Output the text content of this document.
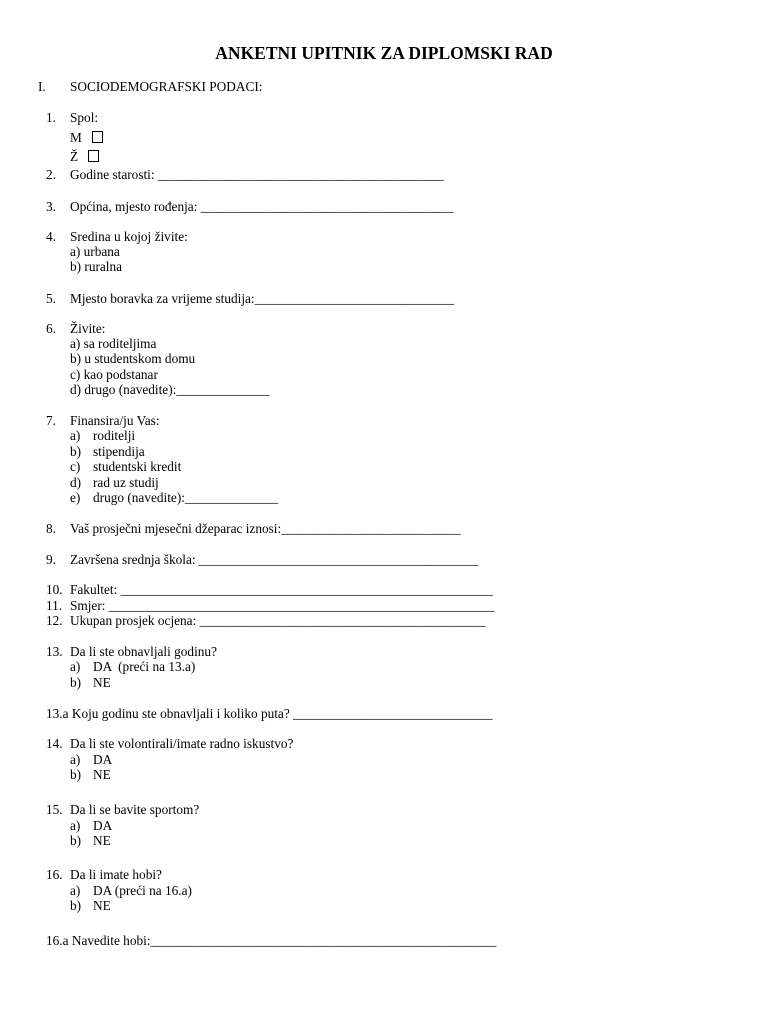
ANKETNI UPITNIK ZA DIPLOMSKI RAD
I. SOCIODEMOGRAFSKI PODACI:
1. Spol:
M
Ž
2. Godine starosti: ___________________________________________
3. Općina, mjesto rođenja: ______________________________________
4. Sredina u kojoj živite:
a) urbana
b) ruralna
5. Mjesto boravka za vrijeme studija:______________________________
6. Živite:
a) sa roditeljima
b) u studentskom domu
c) kao podstanar
d) drugo (navedite):______________
7. Finansira/ju Vas:
a) roditelji
b) stipendija
c) studentski kredit
d) rad uz studij
e) drugo (navedite):______________
8. Vaš prosječni mjesečni džeparac iznosi:___________________________
9. Završena srednja škola: __________________________________________
10. Fakultet: ________________________________________________________
11. Smjer: __________________________________________________________
12. Ukupan prosjek ocjena: ___________________________________________
13. Da li ste obnavljali godinu?
a) DA  (preći na 13.a)
b) NE
13.a Koju godinu ste obnavljali i koliko puta? ______________________________
14. Da li ste volontirali/imate radno iskustvo?
a) DA
b) NE
15. Da li se bavite sportom?
a) DA
b) NE
16. Da li imate hobi?
a) DA (preći na 16.a)
b) NE
16.a Navedite hobi:____________________________________________________
